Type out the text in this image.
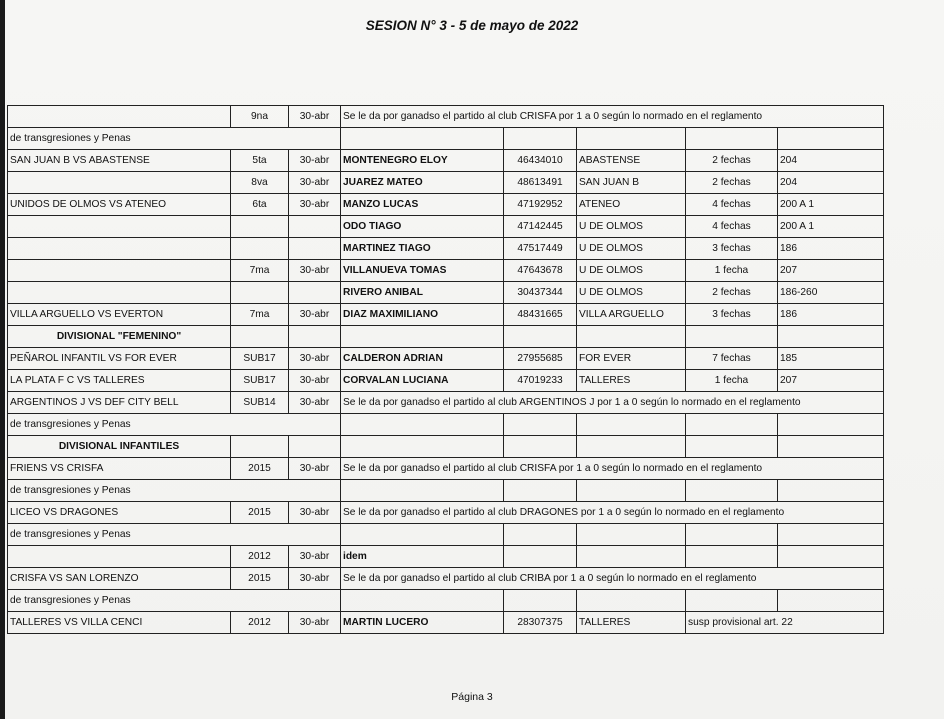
SESION N° 3 - 5 de mayo de 2022
	9na	30-abr	Se le da por ganadso el partido al club CRISFA por 1 a 0 según lo normado en el reglamento				
de transgresiones y Penas							
SAN JUAN B VS ABASTENSE	5ta	30-abr	MONTENEGRO ELOY	46434010	ABASTENSE	2 fechas	204
	8va	30-abr	JUAREZ MATEO	48613491	SAN JUAN B	2 fechas	204
UNIDOS DE OLMOS VS ATENEO	6ta	30-abr	MANZO LUCAS	47192952	ATENEO	4 fechas	200 A 1
			ODO TIAGO	47142445	U DE OLMOS	4 fechas	200 A 1
			MARTINEZ TIAGO	47517449	U DE OLMOS	3 fechas	186
	7ma	30-abr	VILLANUEVA TOMAS	47643678	U DE OLMOS	1 fecha	207
			RIVERO ANIBAL	30437344	U DE OLMOS	2 fechas	186-260
VILLA ARGUELLO VS EVERTON	7ma	30-abr	DIAZ MAXIMILIANO	48431665	VILLA ARGUELLO	3 fechas	186
DIVISIONAL "FEMENINO"							
PEÑAROL INFANTIL VS FOR EVER	SUB17	30-abr	CALDERON ADRIAN	27955685	FOR EVER	7 fechas	185
LA PLATA F C VS TALLERES	SUB17	30-abr	CORVALAN LUCIANA	47019233	TALLERES	1 fecha	207
ARGENTINOS J VS DEF CITY BELL	SUB14	30-abr	Se le da por ganadso el partido al club ARGENTINOS J por 1 a 0 según lo normado en el reglamento				
de transgresiones y Penas							
DIVISIONAL INFANTILES							
FRIENS VS CRISFA	2015	30-abr	Se le da por ganadso el partido al club CRISFA por 1 a 0 según lo normado en el reglamento				
de transgresiones y Penas							
LICEO VS DRAGONES	2015	30-abr	Se le da por ganadso el partido al club DRAGONES por 1 a 0 según lo normado en el reglamento				
de transgresiones y Penas							
	2012	30-abr	idem				
CRISFA VS SAN LORENZO	2015	30-abr	Se le da por ganadso el partido al club CRIBA por 1 a 0 según lo normado en el reglamento				
de transgresiones y Penas							
TALLERES VS VILLA CENCI	2012	30-abr	MARTIN LUCERO	28307375	TALLERES	susp provisional art. 22	
Página 3
